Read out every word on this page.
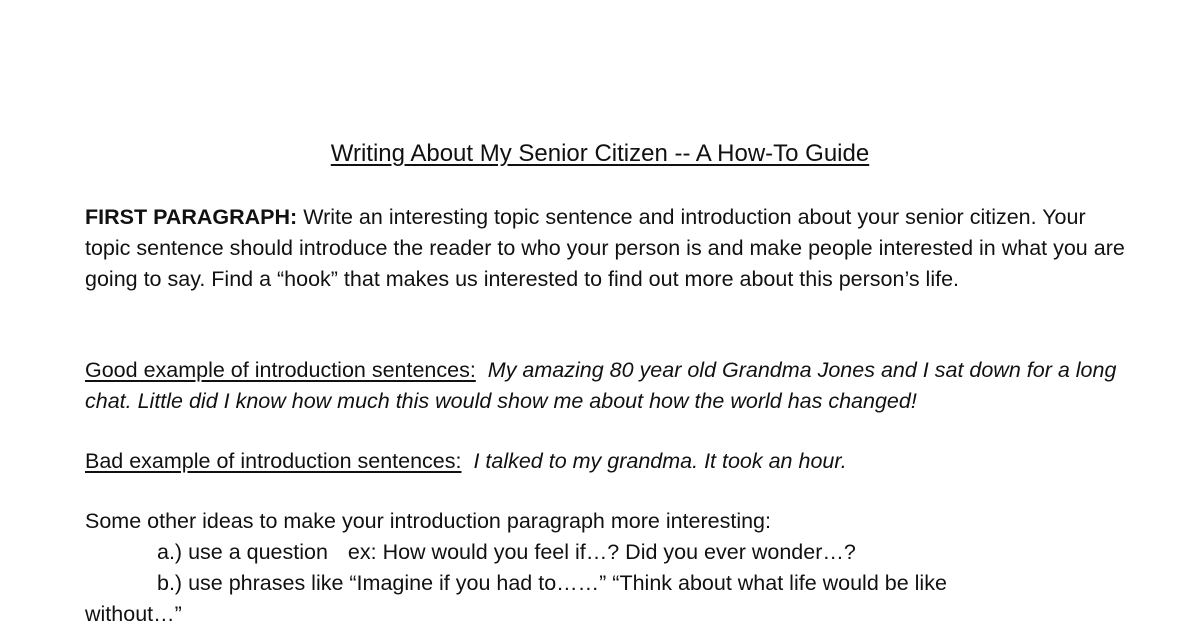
Writing About My Senior Citizen -- A How-To Guide

FIRST PARAGRAPH: Write an interesting topic sentence and introduction about your senior citizen. Your topic sentence should introduce the reader to who your person is and make people interested in what you are going to say. Find a “hook” that makes us interested to find out more about this person’s life.

Good example of introduction sentences: My amazing 80 year old Grandma Jones and I sat down for a long chat. Little did I know how much this would show me about how the world has changed!

Bad example of introduction sentences: I talked to my grandma. It took an hour.

Some other ideas to make your introduction paragraph more interesting:

a.) use a question ex: How would you feel if…? Did you ever wonder…?
b.) use phrases like “Imagine if you had to……” “Think about what life would be like
without…”
